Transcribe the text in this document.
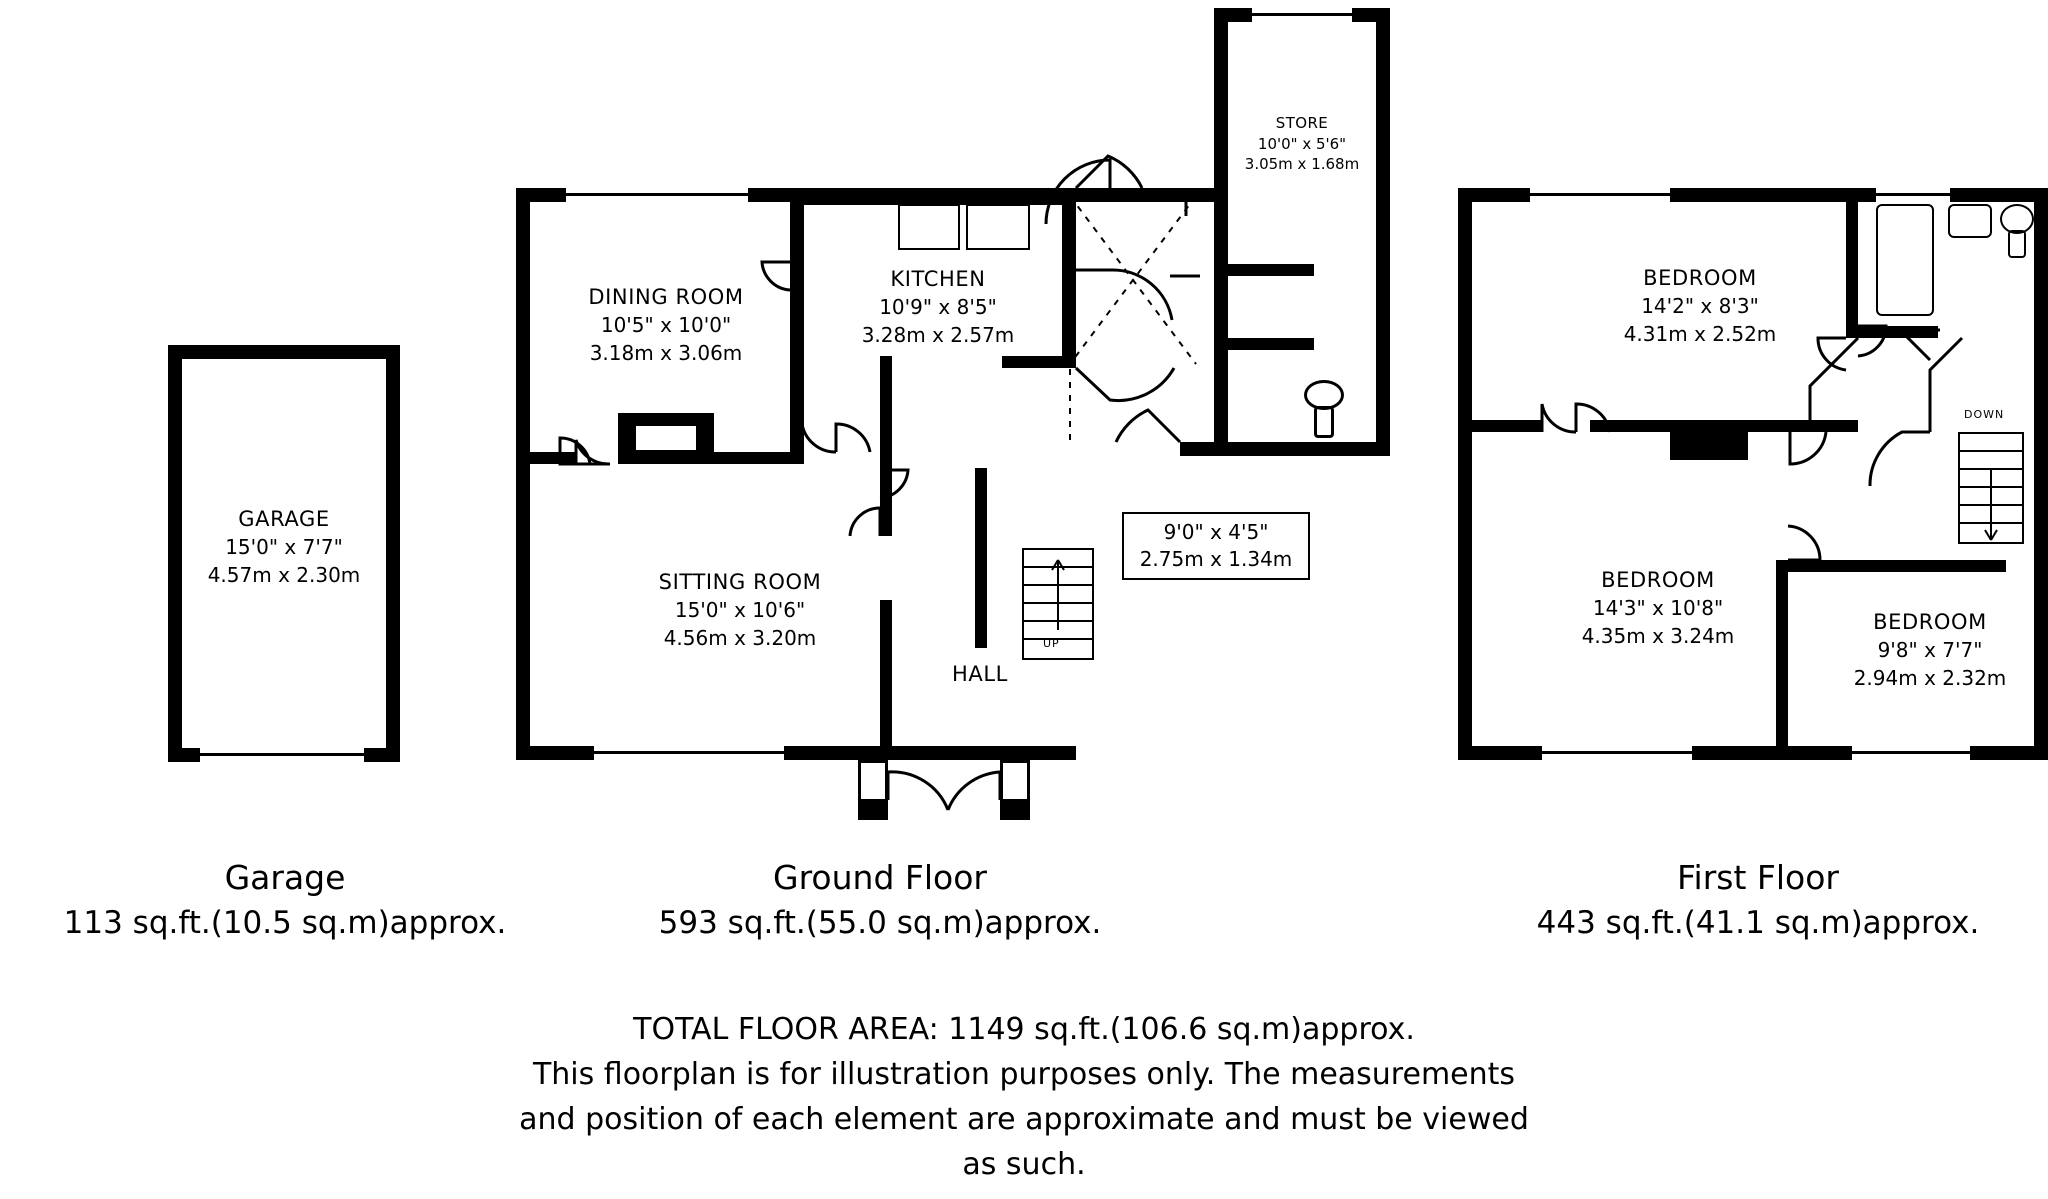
GARAGE
15'0" x 7'7"
4.57m x 2.30m
UP
9'0" x 4'5"
2.75m x 1.34m
DINING ROOM
10'5" x 10'0"
3.18m x 3.06m
KITCHEN
10'9" x 8'5"
3.28m x 2.57m
SITTING ROOM
15'0" x 10'6"
4.56m x 3.20m
STORE
10'0" x 5'6"
3.05m x 1.68m
HALL
DOWN
BEDROOM
14'2" x 8'3"
4.31m x 2.52m
BEDROOM
14'3" x 10'8"
4.35m x 3.24m
BEDROOM
9'8" x 7'7"
2.94m x 2.32m
Garage
113 sq.ft.(10.5 sq.m)approx.
Ground Floor
593 sq.ft.(55.0 sq.m)approx.
First Floor
443 sq.ft.(41.1 sq.m)approx.
TOTAL FLOOR AREA: 1149 sq.ft.(106.6 sq.m)approx.
This floorplan is for illustration purposes only. The measurements
and position of each element are approximate and must be viewed
as such.
